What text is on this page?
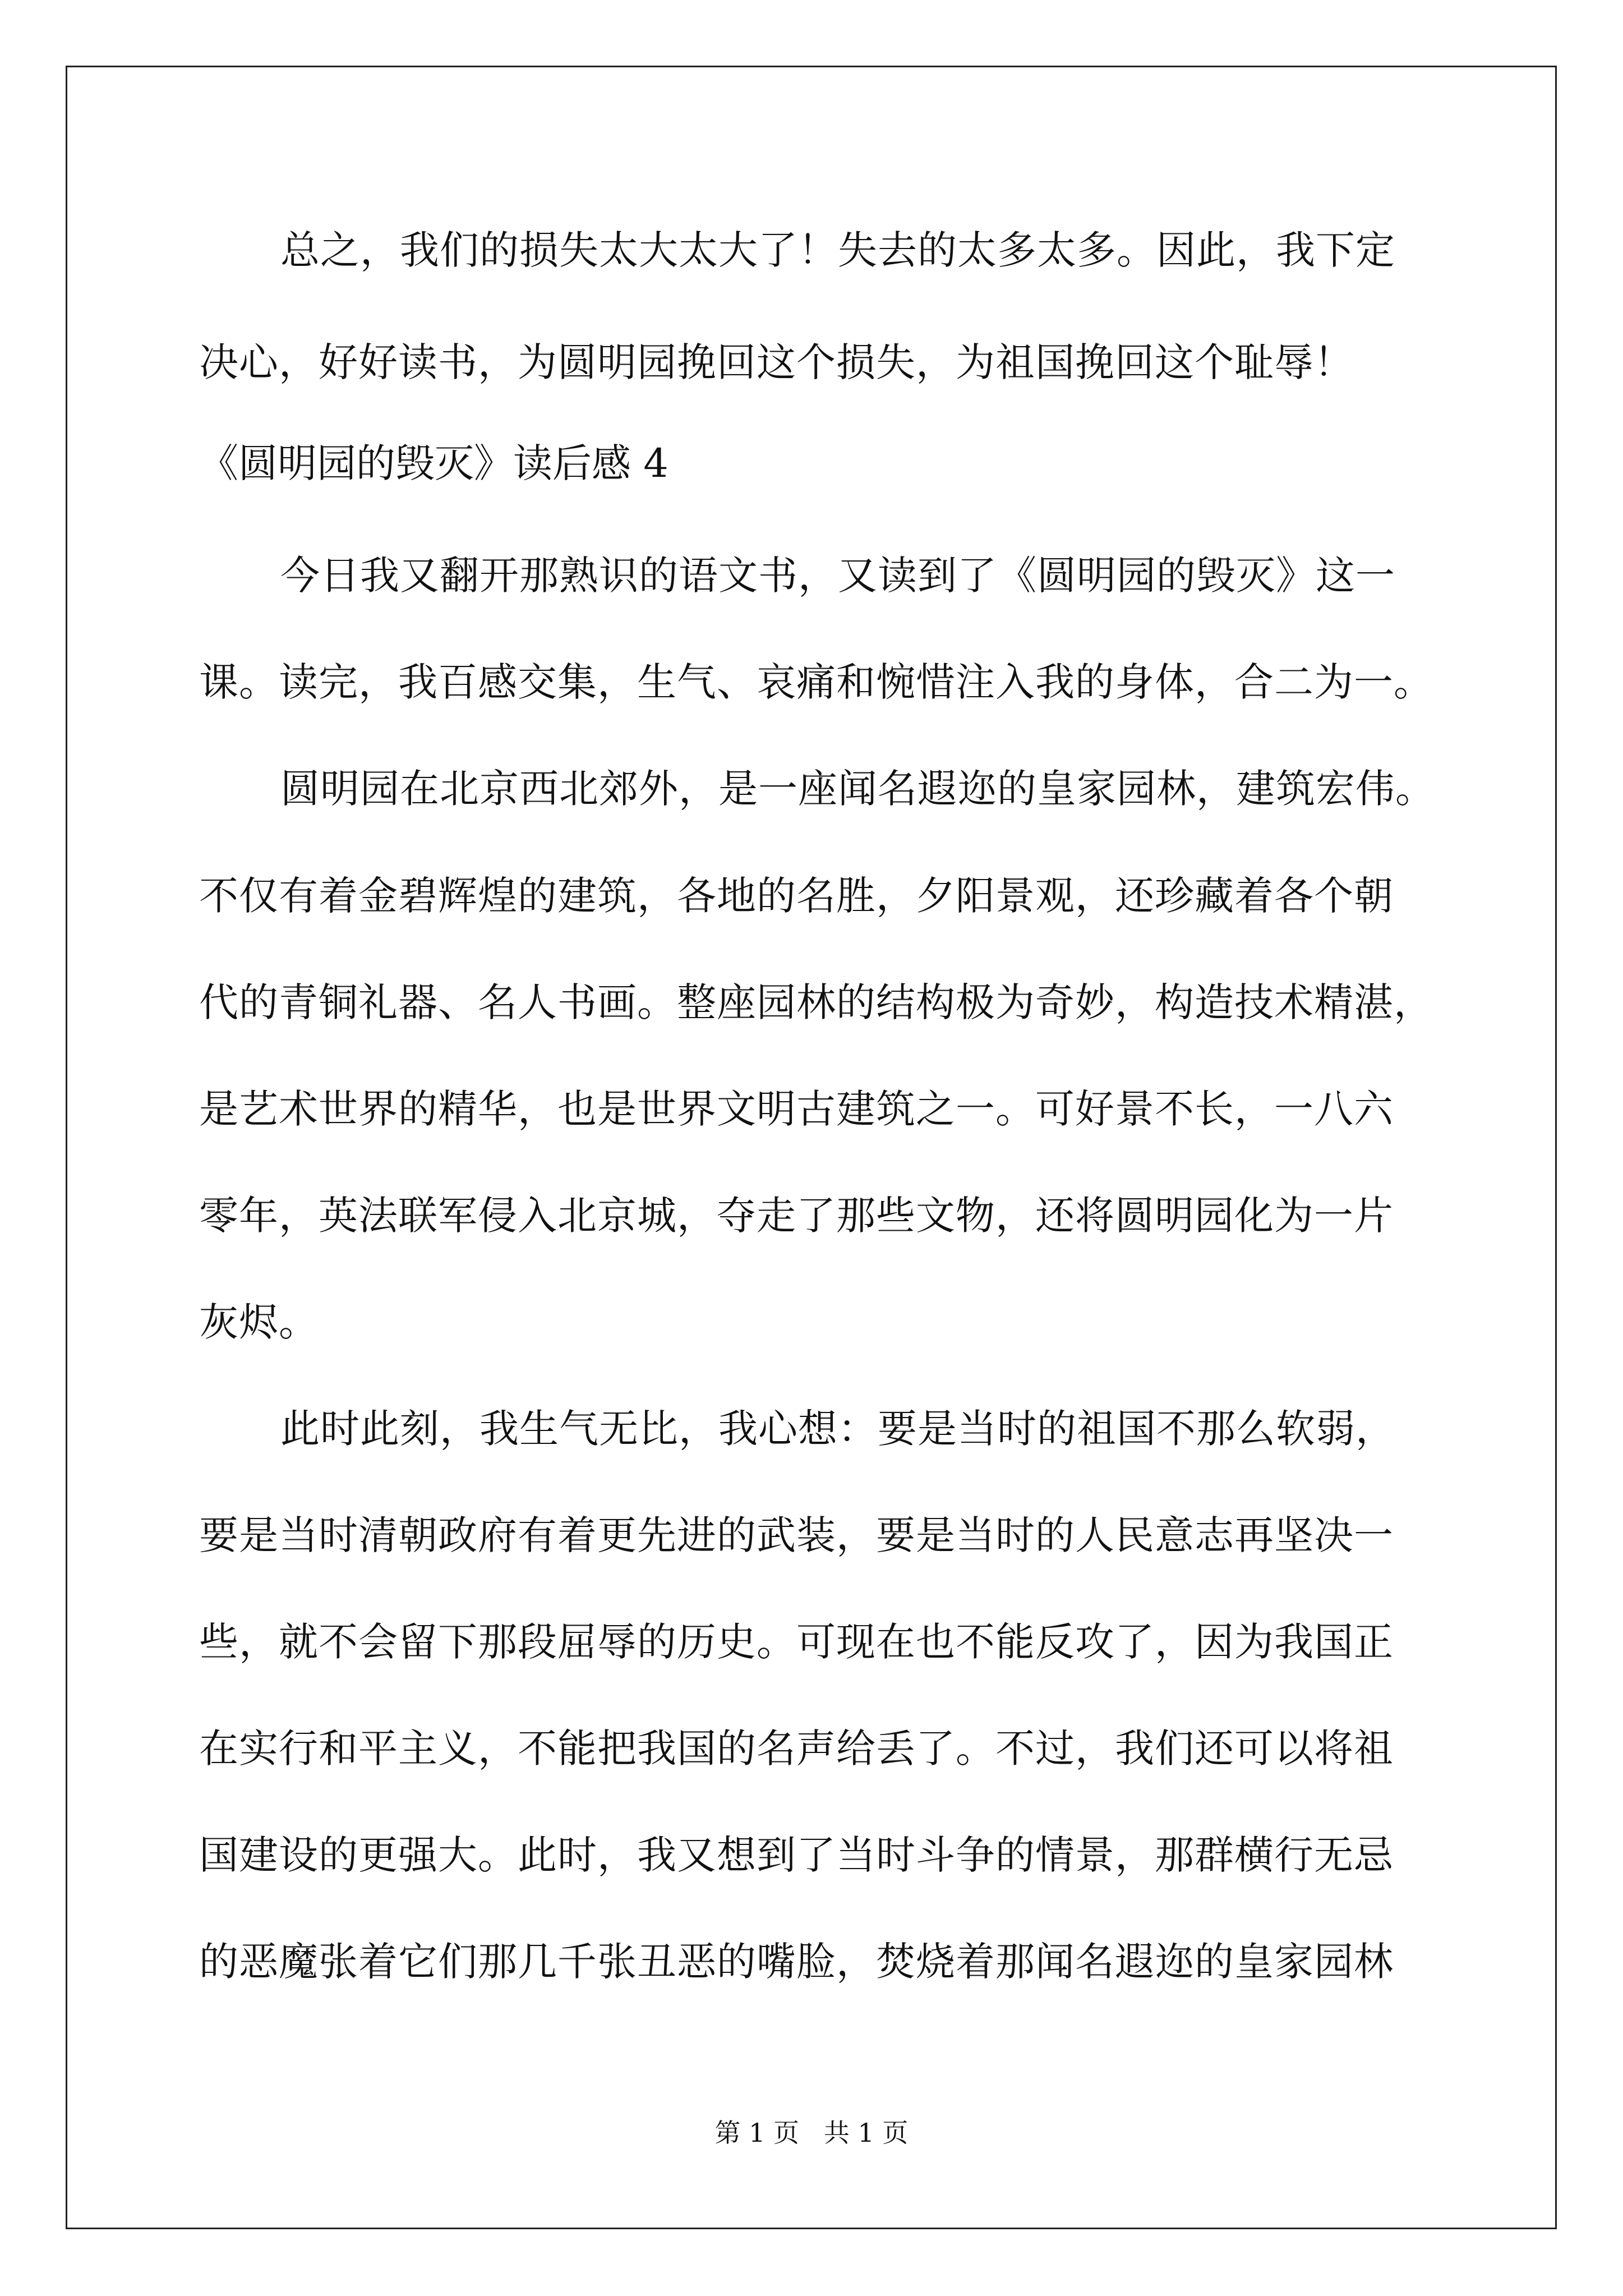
总之，我们的损失太大太大了！失去的太多太多。因此，我下定
决心，好好读书，为圆明园挽回这个损失，为祖国挽回这个耻辱！
《圆明园的毁灭》读后感 4
今日我又翻开那熟识的语文书，又读到了《圆明园的毁灭》这一
课。读完，我百感交集，生气、哀痛和惋惜注入我的身体，合二为一。
圆明园在北京西北郊外，是一座闻名遐迩的皇家园林，建筑宏伟。
不仅有着金碧辉煌的建筑，各地的名胜，夕阳景观，还珍藏着各个朝
代的青铜礼器、名人书画。整座园林的结构极为奇妙，构造技术精湛，
是艺术世界的精华，也是世界文明古建筑之一。可好景不长，一八六
零年，英法联军侵入北京城，夺走了那些文物，还将圆明园化为一片
灰烬。
此时此刻，我生气无比，我心想：要是当时的祖国不那么软弱，
要是当时清朝政府有着更先进的武装，要是当时的人民意志再坚决一
些，就不会留下那段屈辱的历史。可现在也不能反攻了，因为我国正
在实行和平主义，不能把我国的名声给丢了。不过，我们还可以将祖
国建设的更强大。此时，我又想到了当时斗争的情景，那群横行无忌
的恶魔张着它们那几千张丑恶的嘴脸，焚烧着那闻名遐迩的皇家园林
第 1 页   共 1 页
